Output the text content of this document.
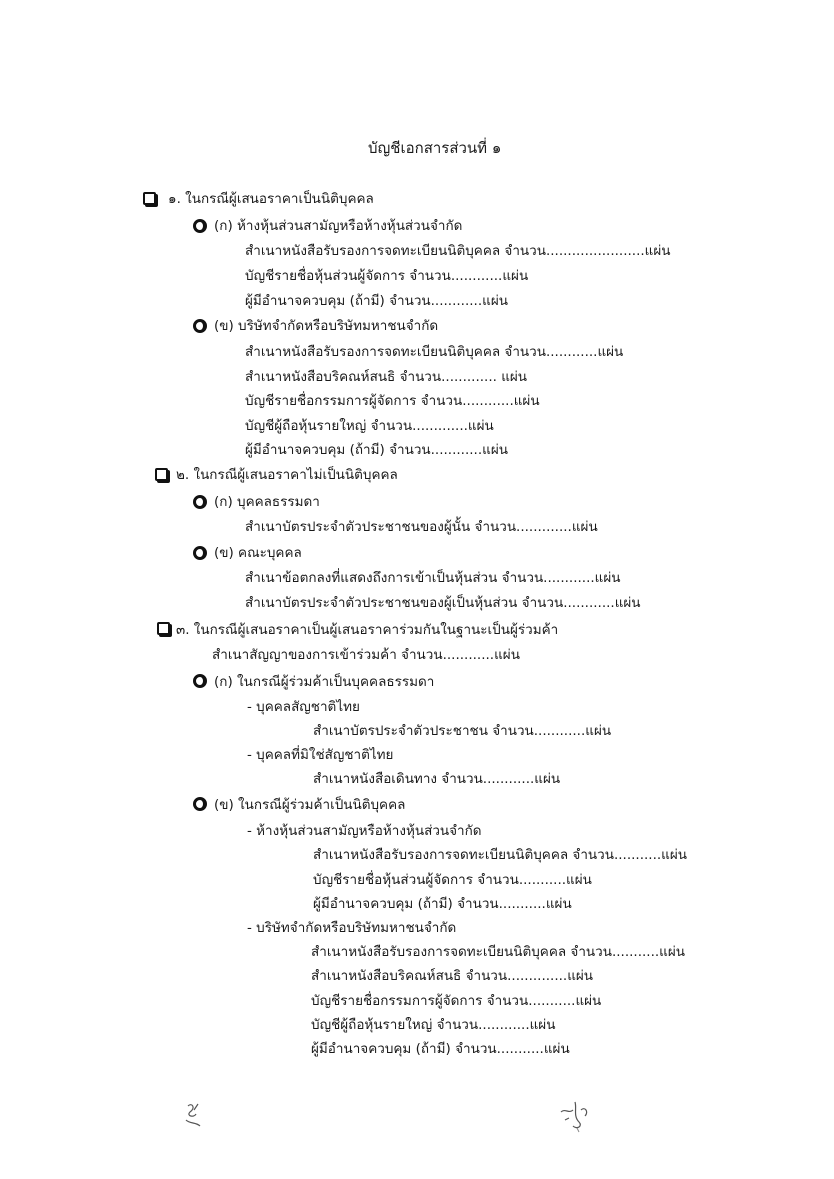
บัญชีเอกสารส่วนที่ ๑
๑. ในกรณีผู้เสนอราคาเป็นนิติบุคคล
(ก) ห้างหุ้นส่วนสามัญหรือห้างหุ้นส่วนจำกัด
สำเนาหนังสือรับรองการจดทะเบียนนิติบุคคล จำนวน.......................แผ่น
บัญชีรายชื่อหุ้นส่วนผู้จัดการ จำนวน............แผ่น
ผู้มีอำนาจควบคุม (ถ้ามี) จำนวน............แผ่น
(ข) บริษัทจำกัดหรือบริษัทมหาชนจำกัด
สำเนาหนังสือรับรองการจดทะเบียนนิติบุคคล จำนวน............แผ่น
สำเนาหนังสือบริคณห์สนธิ จำนวน............. แผ่น
บัญชีรายชื่อกรรมการผู้จัดการ จำนวน............แผ่น
บัญชีผู้ถือหุ้นรายใหญ่ จำนวน.............แผ่น
ผู้มีอำนาจควบคุม (ถ้ามี) จำนวน............แผ่น
๒. ในกรณีผู้เสนอราคาไม่เป็นนิติบุคคล
(ก) บุคคลธรรมดา
สำเนาบัตรประจำตัวประชาชนของผู้นั้น จำนวน.............แผ่น
(ข) คณะบุคคล
สำเนาข้อตกลงที่แสดงถึงการเข้าเป็นหุ้นส่วน จำนวน............แผ่น
สำเนาบัตรประจำตัวประชาชนของผู้เป็นหุ้นส่วน จำนวน............แผ่น
๓. ในกรณีผู้เสนอราคาเป็นผู้เสนอราคาร่วมกันในฐานะเป็นผู้ร่วมค้า
สำเนาสัญญาของการเข้าร่วมค้า จำนวน............แผ่น
(ก) ในกรณีผู้ร่วมค้าเป็นบุคคลธรรมดา
- บุคคลสัญชาติไทย
สำเนาบัตรประจำตัวประชาชน จำนวน............แผ่น
- บุคคลที่มิใช่สัญชาติไทย
สำเนาหนังสือเดินทาง จำนวน............แผ่น
(ข) ในกรณีผู้ร่วมค้าเป็นนิติบุคคล
- ห้างหุ้นส่วนสามัญหรือห้างหุ้นส่วนจำกัด
สำเนาหนังสือรับรองการจดทะเบียนนิติบุคคล จำนวน...........แผ่น
บัญชีรายชื่อหุ้นส่วนผู้จัดการ จำนวน...........แผ่น
ผู้มีอำนาจควบคุม (ถ้ามี) จำนวน...........แผ่น
- บริษัทจำกัดหรือบริษัทมหาชนจำกัด
สำเนาหนังสือรับรองการจดทะเบียนนิติบุคคล จำนวน...........แผ่น
สำเนาหนังสือบริคณห์สนธิ จำนวน..............แผ่น
บัญชีรายชื่อกรรมการผู้จัดการ จำนวน...........แผ่น
บัญชีผู้ถือหุ้นรายใหญ่ จำนวน............แผ่น
ผู้มีอำนาจควบคุม (ถ้ามี) จำนวน...........แผ่น
